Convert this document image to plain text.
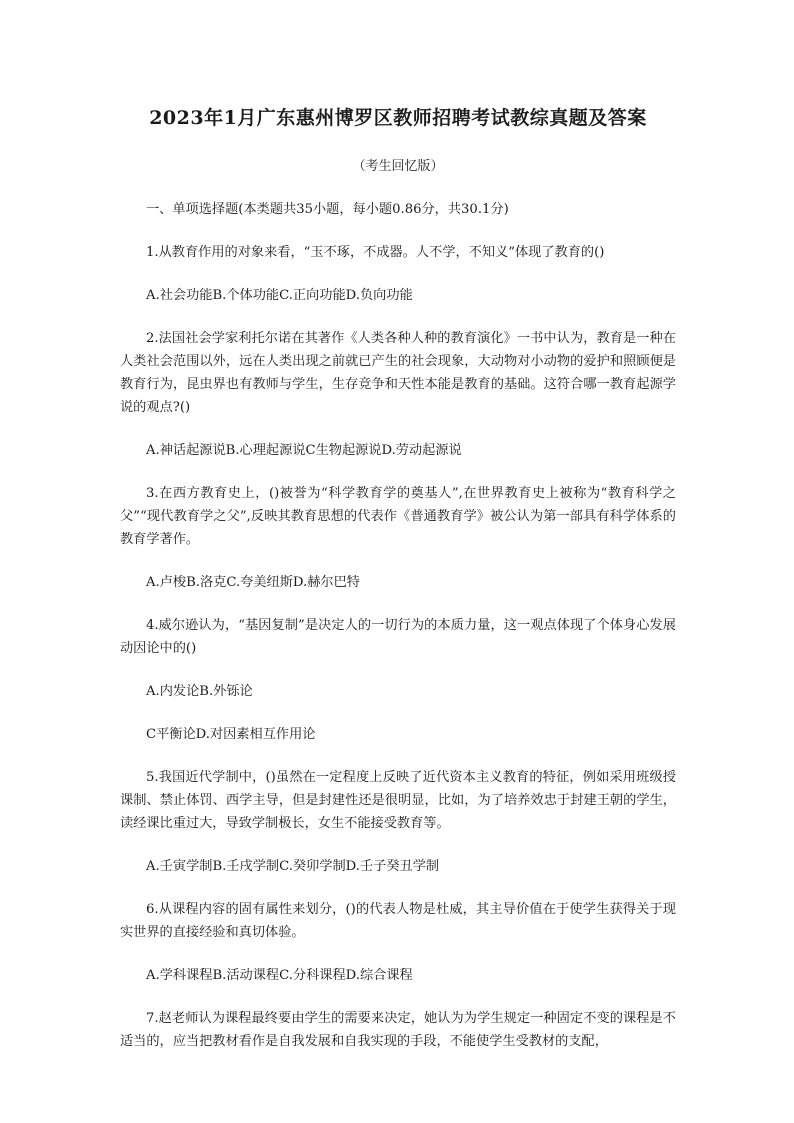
2023年1月广东惠州博罗区教师招聘考试教综真题及答案

（考生回忆版）

一、单项选择题(本类题共35小题，每小题0.86分，共30.1分)

1.从教育作用的对象来看，“玉不琢，不成器。人不学，不知义”体现了教育的()

A.社会功能B.个体功能C.正向功能D.负向功能

2.法国社会学家利托尔诺在其著作《人类各种人种的教育演化》一书中认为，教育是一种在人类社会范围以外，远在人类出现之前就已产生的社会现象，大动物对小动物的爱护和照顾便是教育行为，昆虫界也有教师与学生，生存竞争和天性本能是教育的基础。这符合哪一教育起源学说的观点?()

A.神话起源说B.心理起源说C生物起源说D.劳动起源说

3.在西方教育史上，()被誉为“科学教育学的奠基人”,在世界教育史上被称为“教育科学之父”“现代教育学之父”,反映其教育思想的代表作《普通教育学》被公认为第一部具有科学体系的教育学著作。

A.卢梭B.洛克C.夸美纽斯D.赫尔巴特

4.威尔逊认为，“基因复制”是决定人的一切行为的本质力量，这一观点体现了个体身心发展动因论中的()

A.内发论B.外铄论

C平衡论D.对因素相互作用论

5.我国近代学制中，()虽然在一定程度上反映了近代资本主义教育的特征，例如采用班级授课制、禁止体罚、西学主导，但是封建性还是很明显，比如，为了培养效忠于封建王朝的学生，读经课比重过大，导致学制极长，女生不能接受教育等。

A.壬寅学制B.壬戌学制C.癸卯学制D.壬子癸丑学制

6.从课程内容的固有属性来划分，()的代表人物是杜威，其主导价值在于使学生获得关于现实世界的直接经验和真切体验。

A.学科课程B.活动课程C.分科课程D.综合课程

7.赵老师认为课程最终要由学生的需要来决定，她认为为学生规定一种固定不变的课程是不适当的，应当把教材看作是自我发展和自我实现的手段，不能使学生受教材的支配，
